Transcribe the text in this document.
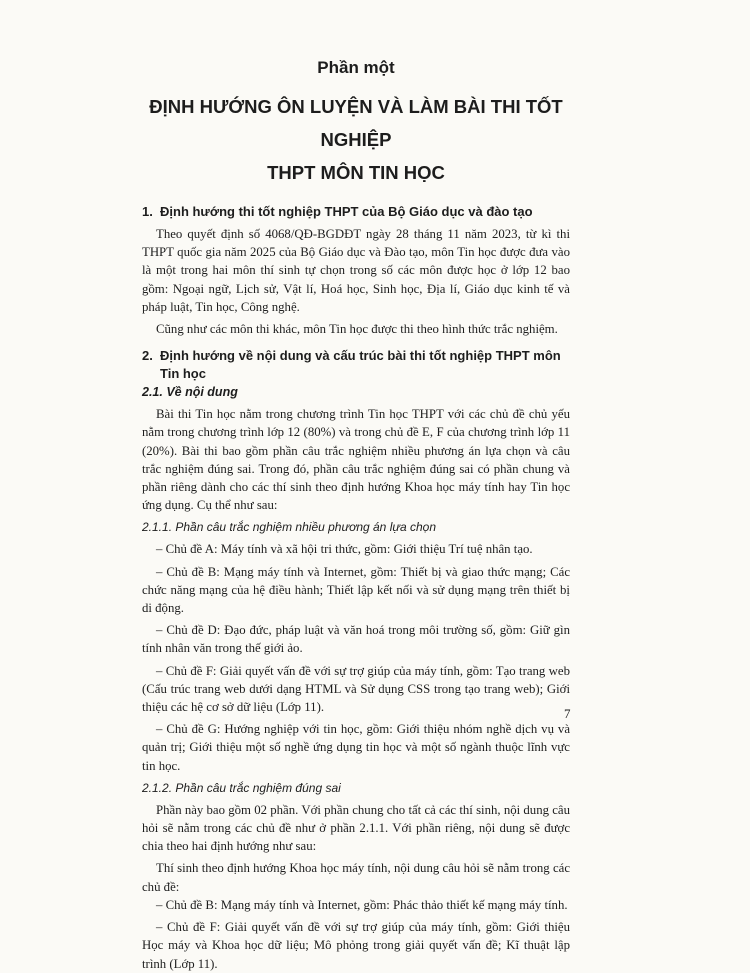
Phần một
ĐỊNH HƯỚNG ÔN LUYỆN VÀ LÀM BÀI THI TỐT NGHIỆP
THPT MÔN TIN HỌC
1. Định hướng thi tốt nghiệp THPT của Bộ Giáo dục và đào tạo

Theo quyết định số 4068/QĐ-BGDĐT ngày 28 tháng 11 năm 2023, từ kì thi THPT quốc gia năm 2025 của Bộ Giáo dục và Đào tạo, môn Tin học được đưa vào là một trong hai môn thí sinh tự chọn trong số các môn được học ở lớp 12 bao gồm: Ngoại ngữ, Lịch sử, Vật lí, Hoá học, Sinh học, Địa lí, Giáo dục kinh tế và pháp luật, Tin học, Công nghệ.

Cũng như các môn thi khác, môn Tin học được thi theo hình thức trắc nghiệm.

2. Định hướng về nội dung và cấu trúc bài thi tốt nghiệp THPT môn Tin học
2.1. Về nội dung

Bài thi Tin học nằm trong chương trình Tin học THPT với các chủ đề chủ yếu nằm trong chương trình lớp 12 (80%) và trong chủ đề E, F của chương trình lớp 11 (20%). Bài thi bao gồm phần câu trắc nghiệm nhiều phương án lựa chọn và câu trắc nghiệm đúng sai. Trong đó, phần câu trắc nghiệm đúng sai có phần chung và phần riêng dành cho các thí sinh theo định hướng Khoa học máy tính hay Tin học ứng dụng. Cụ thể như sau:

2.1.1. Phần câu trắc nghiệm nhiều phương án lựa chọn

– Chủ đề A: Máy tính và xã hội tri thức, gồm: Giới thiệu Trí tuệ nhân tạo.

– Chủ đề B: Mạng máy tính và Internet, gồm: Thiết bị và giao thức mạng; Các chức năng mạng của hệ điều hành; Thiết lập kết nối và sử dụng mạng trên thiết bị di động.

– Chủ đề D: Đạo đức, pháp luật và văn hoá trong môi trường số, gồm: Giữ gìn tính nhân văn trong thế giới ảo.

– Chủ đề F: Giải quyết vấn đề với sự trợ giúp của máy tính, gồm: Tạo trang web (Cấu trúc trang web dưới dạng HTML và Sử dụng CSS trong tạo trang web); Giới thiệu các hệ cơ sở dữ liệu (Lớp 11).

– Chủ đề G: Hướng nghiệp với tin học, gồm: Giới thiệu nhóm nghề dịch vụ và quản trị; Giới thiệu một số nghề ứng dụng tin học và một số ngành thuộc lĩnh vực tin học.

2.1.2. Phần câu trắc nghiệm đúng sai

Phần này bao gồm 02 phần. Với phần chung cho tất cả các thí sinh, nội dung câu hỏi sẽ nằm trong các chủ đề như ở phần 2.1.1. Với phần riêng, nội dung sẽ được chia theo hai định hướng như sau:

Thí sinh theo định hướng Khoa học máy tính, nội dung câu hỏi sẽ nằm trong các chủ đề:

– Chủ đề B: Mạng máy tính và Internet, gồm: Phác thảo thiết kế mạng máy tính.

– Chủ đề F: Giải quyết vấn đề với sự trợ giúp của máy tính, gồm: Giới thiệu Học máy và Khoa học dữ liệu; Mô phỏng trong giải quyết vấn đề; Kĩ thuật lập trình (Lớp 11).

7
